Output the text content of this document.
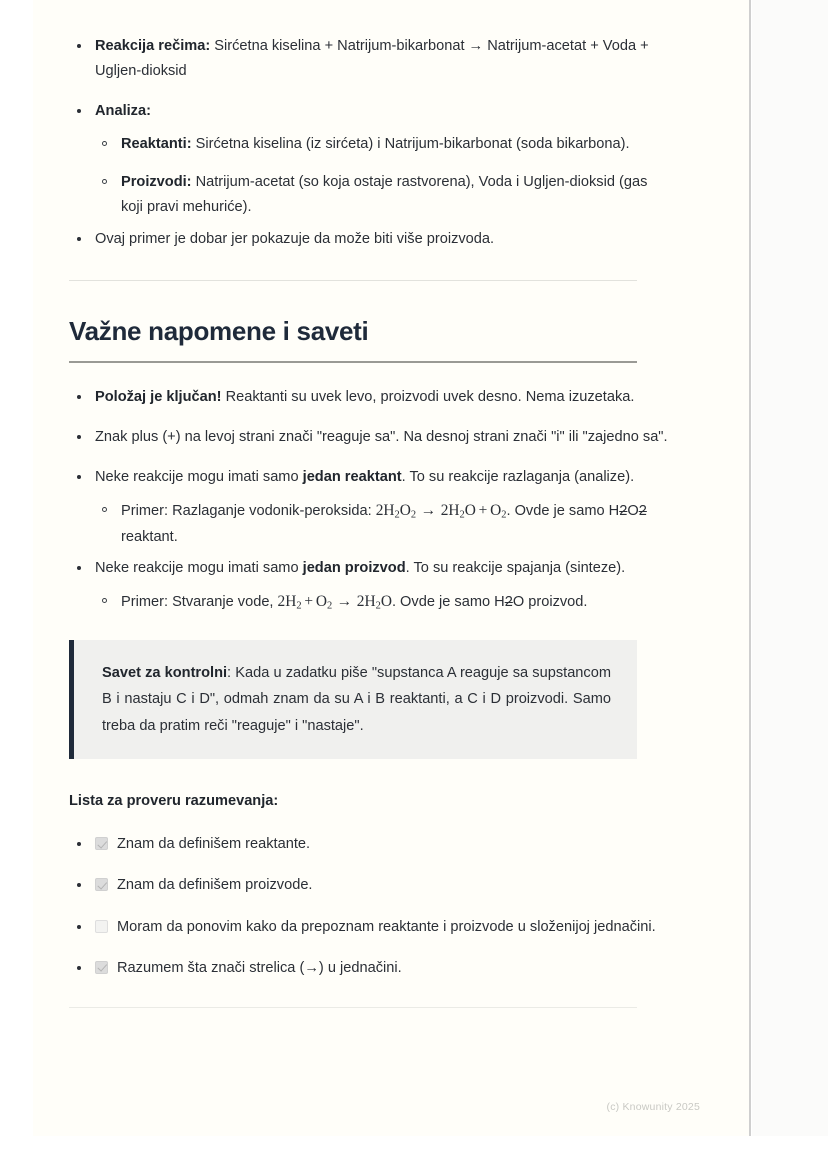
Reakcija rečima: Sirćetna kiselina + Natrijum-bikarbonat → Natrijum-acetat + Voda + Ugljen-dioksid
Analiza:
Reaktanti: Sirćetna kiselina (iz sirćeta) i Natrijum-bikarbonat (soda bikarbona).
Proizvodi: Natrijum-acetat (so koja ostaje rastvorena), Voda i Ugljen-dioksid (gas koji pravi mehuriće).
Ovaj primer je dobar jer pokazuje da može biti više proizvoda.
Važne napomene i saveti
Položaj je ključan! Reaktanti su uvek levo, proizvodi uvek desno. Nema izuzetaka.
Znak plus (+) na levoj strani znači "reaguje sa". Na desnoj strani znači "i" ili "zajedno sa".
Neke reakcije mogu imati samo jedan reaktant. To su reakcije razlaganja (analize).
Primer: Razlaganje vodonik-peroksida: $2H_2O_2 \to 2H_2O + O_2$. Ovde je samo H2O2 reaktant.
Neke reakcije mogu imati samo jedan proizvod. To su reakcije spajanja (sinteze).
Primer: Stvaranje vode, $2H_2 + O_2 \to 2H_2O$. Ovde je samo H2O proizvod.
Savet za kontrolni: Kada u zadatku piše "supstanca A reaguje sa supstancom B i nastaju C i D", odmah znam da su A i B reaktanti, a C i D proizvodi. Samo treba da pratim reči "reaguje" i "nastaje".
Lista za proveru razumevanja:
Znam da definišem reaktante.
Znam da definišem proizvode.
Moram da ponovim kako da prepoznam reaktante i proizvode u složenijoj jednačini.
Razumem šta znači strelica (→) u jednačini.
(c) Knowunity 2025
